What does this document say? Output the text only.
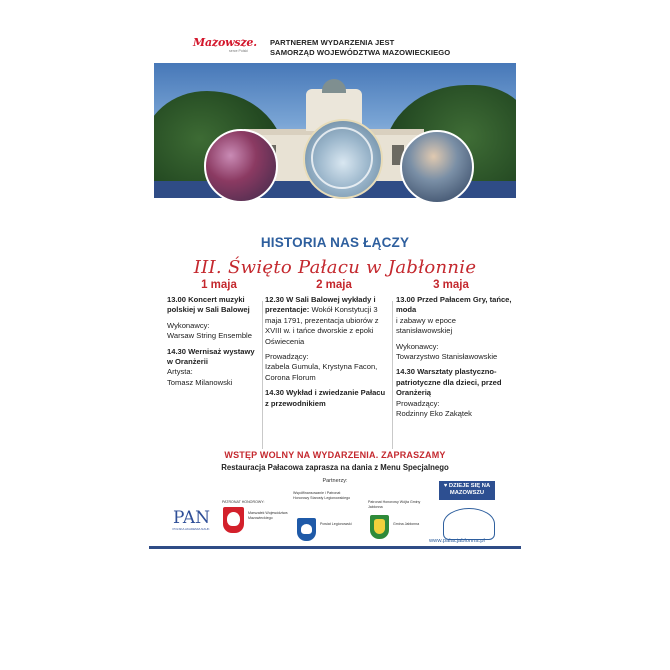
Mazowsze.
serce Polski
PARTNEREM WYDARZENIA JEST
SAMORZĄD WOJEWÓDZTWA MAZOWIECKIEGO
HISTORIA NAS ŁĄCZY
III. Święto Pałacu w Jabłonnie
1 maja	2 maja	3 maja

13.00 Koncert muzyki polskiej w Sali Balowej

Wykonawcy:
Warsaw String Ensemble

14.30 Wernisaż wystawy w Oranżerii
Artysta:
Tomasz Milanowski

12.30 W Sali Balowej wykłady i prezentacje: Wokół Konstytucji 3 maja 1791, prezentacja ubiorów z XVIII w. i tańce dworskie z epoki Oświecenia

Prowadzący:
Izabela Gumula, Krystyna Facon, Corona Florum

14.30 Wykład i zwiedzanie Pałacu z przewodnikiem

13.00 Przed Pałacem Gry, tańce, moda
i zabawy w epoce stanisławowskiej

Wykonawcy:
Towarzystwo Stanisławowskie

14.30 Warsztaty plastyczno-patriotyczne dla dzieci, przed Oranżerią
Prowadzący:
Rodzinny Eko Zakątek

WSTĘP WOLNY NA WYDARZENIA. ZAPRASZAMY
Restauracja Pałacowa zaprasza na dania z Menu Specjalnego
Partnerzy:
PAN
POLSKA AKADEMIA NAUK
PATRONAT HONOROWY:
Marszałek Województwa Mazowieckiego
Współfinansowanie i Patronat Honorowy Starosty Legionowskiego
Powiat Legionowski
Patronat Honorowy Wójta Gminy Jabłonna
Gmina Jabłonna
♥ DZIEJE SIĘ NA MAZOWSZU
www.palacjablonna.pl
